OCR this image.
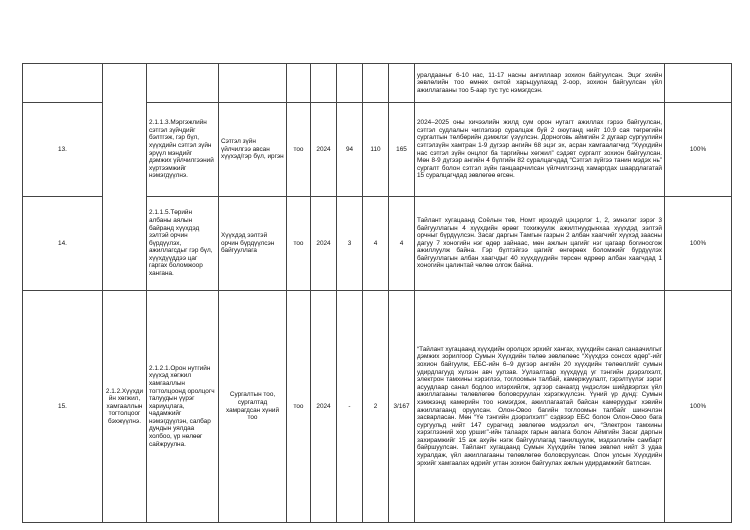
									уралдааныг 6-10 нас, 11-17 насны ангиллаар зохион байгуулсан. Эцэг эхийн зөвлөлийн тоо өмнөх онтой харьцуулахад 2-оор, зохион байгуулсан үйл ажиллагааны тоо 5-аар тус тус нэмэгдсэн.	

13.		2.1.1.3.Мэргэжлийн сэтгэл зүйчдийг бэлтгэж, гэр бүл, хүүхдийн сэтгэл зүйн эрүүл мэндийг дэмжих үйлчилгээний хүртээмжийг нэмэгдүүлнэ.	Сэтгэл зүйн үйлчилгээ авсан хүүхэд/гэр бүл, иргэн	тоо	2024	94	110	165	2024–2025 оны хичээлийн жилд сум орон нутагт ажиллах гэрээ байгуулсан, сэтгэл судлалын чиглэлээр суралцаж буй 2 оюутанд нийт 10.9 сая төгрөгийн сургалтын төлбөрийн дэмжлэг үзүүлсэн. Дорноговь аймгийн 2 дугаар сургуулийн сэтгэлзүйн хамтран 1-9 дүгээр ангийн 68 эцэг эх, асран хамгаалагчид “Хүүхдийн нас сэтгэл зүйн онцлог ба таргийны хөгжил” сэдэвт сургалт зохион байгуулсан. Мөн 8-9 дүгээр ангийн 4 бүлгийн 82 суралцагчдад “Сэтгэл зүйгээ танин мэдэх нь” сургалт болон сэтгэл зүйн ганцаарчилсан үйлчилгээнд хамаргдах шаардлагатай 15 суралцагчдад зөвлөгөө өгсөн.	100%

14.		2.1.1.5.Төрийн албаны аялын байранд хүүхдэд зэлтэй орчин бүрдүүлэх, ажиллагсдыг гэр бүл, хүүхдүүддээ цаг гаргах боломжоор хангана.	Хүүхдэд ээлтэй орчин бүрдүүлсэн байгууллага	тоо	2024	3	4	4	Тайлант хугацаанд Соёлын төв, Номт ирээдүй цэцэрлэг 1, 2, эмнэлэг зэрэг 3 байгууллагын 4 хүүхдийн өрөөг тохижуулж ажилтнуудынхаа хүүхдэд ээлтэй орчныг бүрдүүлсэн. Засаг даргын Тамгын газрын 2 албан хаагчийг хүүхэд заасны дагуу 7 хоногийн нэг өдөр зайнаас, мөн ажлын цагийг нэг цагаар богиносгож ажиллуулж байна. Гэр бүлтэйгээ цагийг өнгөрөөх боломжийг бүрдүүлэх байгууллагын албан хаагчдыг 40 хүүхдүүдийн төрсөн өдрөөр албан хаагчдад 1 хоногийн цалинтай чөлөө олгож байна.	100%

15.	2.1.2.Хүүхдийн хөгжил, хамгааллын тогтолцоог бэхжүүлнэ.	2.1.2.1.Орон нутгийн хүүхэд хөгжил хамгааллын тогтолцоонд оролцогч талуудын үүрэг хариуцлага, чадамжийг нэмэгдүүлэн, салбар дундын уялдаа холбоо, үр нөлөөг сайжруулна.	Сургалтын тоо, сургалтад хамрагдсан хүний тоо	тоо	2024	-	2	3/167	“Тайлант хугацаанд хүүхдийн оролцох эрхийг хангах, хүүхдийн санал санаачилгыг дэмжих зорилгоор Сумын Хүүхдийн төлөө зөвлөлөөс “Хүүхдээ сонсох өдөр”-ийг зохион байгуулж, ЕБС-ийн 6–9 дүгээр ангийн 20 хүүхдийн төлөөллийг сумын удирдлагууд хүлээн авч уулзав. Уулзалтаар хүүхдүүд уг тэнгийн дээрэлхэлт, электрон тамхины хэрэглээ, тоглоомын талбай, камержуулалт, гэрэлтүүлэг зэрэг асуудлаар санал бодлоо илэрхийлж, эдгээр санаатд үндэслэн шийдвэрлэх үйл ажиллагааны төлөвлөгөө боловсруулан хэрэгжүүлсэн. Үүний үр дүнд: Сумын хэмжээнд камерийн тоо нэмэгдэж, ажиллагаатай байсан камеруудыг хэвийн ажиллагаанд оруулсан. Олон-Овоо багийн тоглоомын талбайг шинэчлэн засварласан. Мөн “Үе тэнгийн дээрэлхэлт” сэдвээр ЕБС болон Олон-Овоо бага сургуульд нийт 147 сурагчид зөвлөгөө мэдээлэл өгч, “Электрон тамхины хэрэглээний хор уршиг”-ийн талаарх гарын авлага болон Аймгийн Засаг даргын захирамжийг 15 аж ахуйн нэгж байгууллагад танилцуулж, мэдээллийн самбарт байршуулсан. Тайлант хугацаанд Сумын Хүүхдийн төлөө зөвлөл нийт 3 удаа хуралдаж, үйл ажиллагааны төлөвлөгөө боловсруулсан. Олон улсын Хүүхдийн эрхийг хамгаалах өдрийг угтан зохион байгуулах ажлын удирдамжийг батлсан.	100%
